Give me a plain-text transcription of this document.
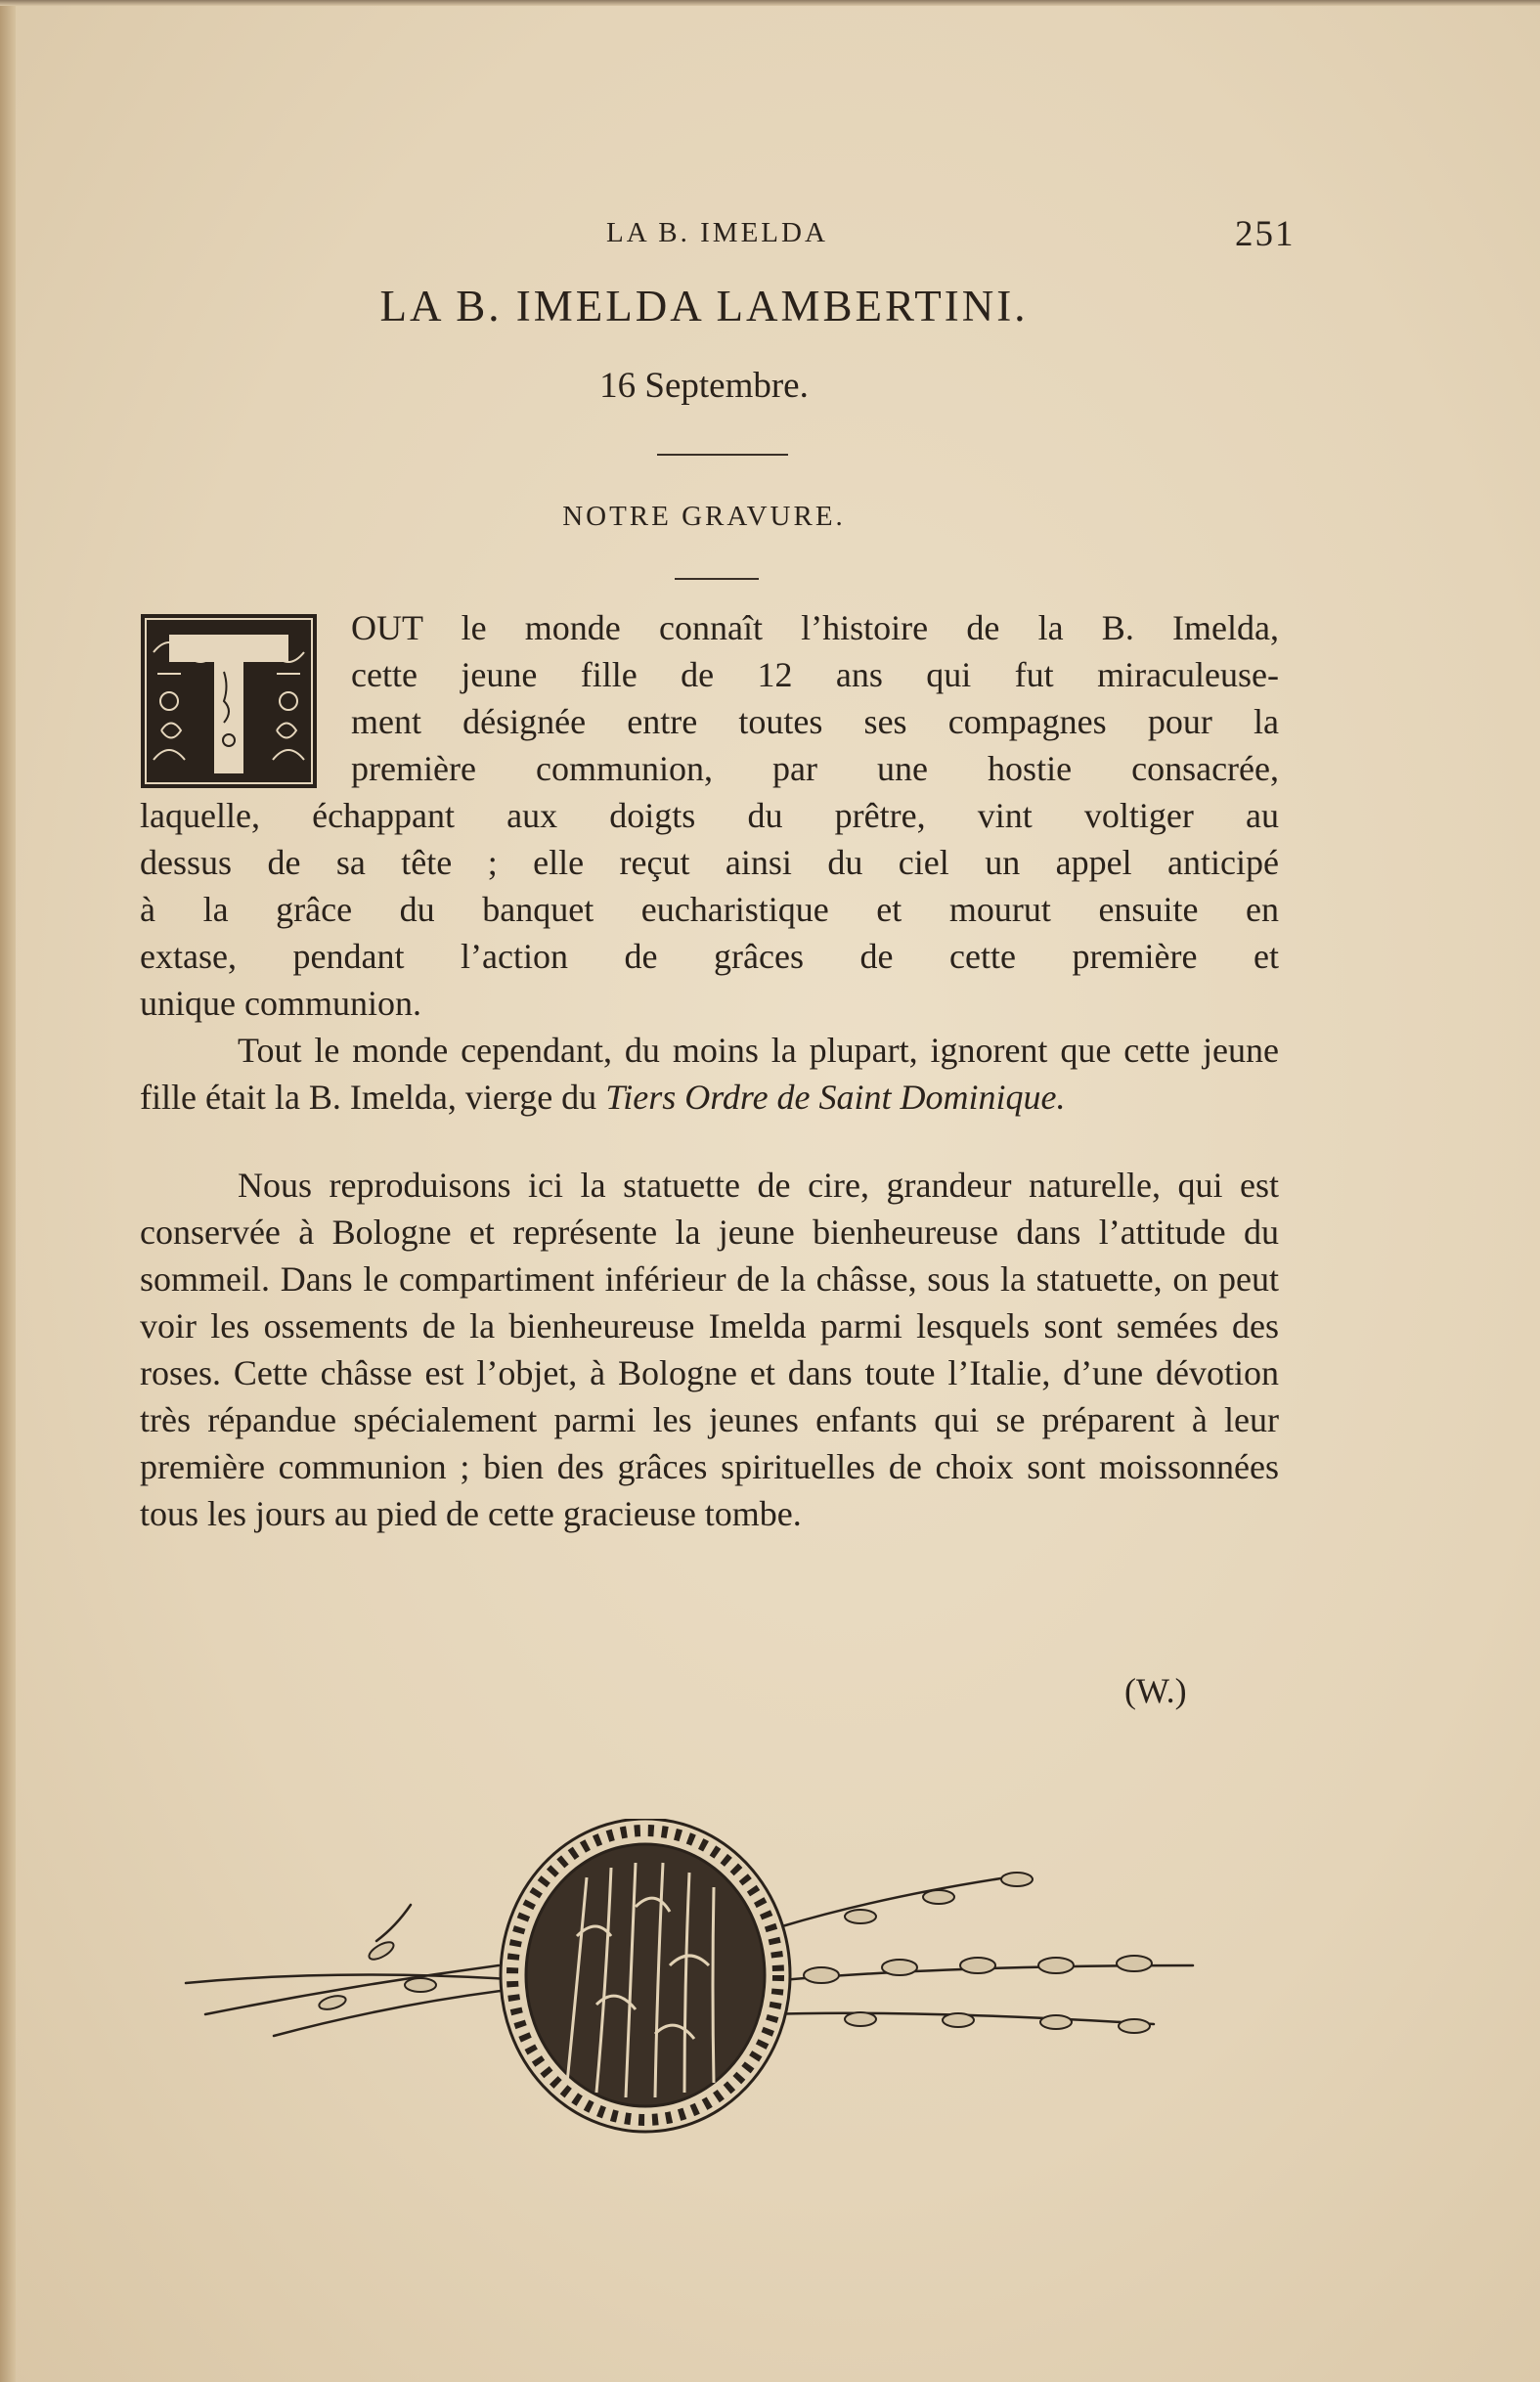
LA B. IMELDA	251
LA B. IMELDA LAMBERTINI.
16 Septembre.
NOTRE GRAVURE.
OUT le monde connaît l’histoire de la B. Imelda,
cette jeune fille de 12 ans qui fut miraculeuse-
ment désignée entre toutes ses compagnes pour la
première communion, par une hostie consacrée,
laquelle, échappant aux doigts du prêtre, vint voltiger au
dessus de sa tête ; elle reçut ainsi du ciel un appel anticipé
à la grâce du banquet eucharistique et mourut ensuite en
extase, pendant l’action de grâces de cette première et
unique communion.

Tout le monde cependant, du moins la plupart, ignorent que cette jeune fille était la B. Imelda, vierge du Tiers Ordre de Saint Dominique.

Nous reproduisons ici la statuette de cire, grandeur naturelle, qui est conservée à Bologne et représente la jeune bienheureuse dans l’attitude du sommeil. Dans le compartiment inférieur de la châsse, sous la statuette, on peut voir les ossements de la bienheureuse Imelda parmi lesquels sont semées des roses. Cette châsse est l’objet, à Bologne et dans toute l’Italie, d’une dévotion très répandue spécialement parmi les jeunes enfants qui se préparent à leur première communion ; bien des grâces spirituelles de choix sont moissonnées tous les jours au pied de cette gracieuse tombe.

(W.)
